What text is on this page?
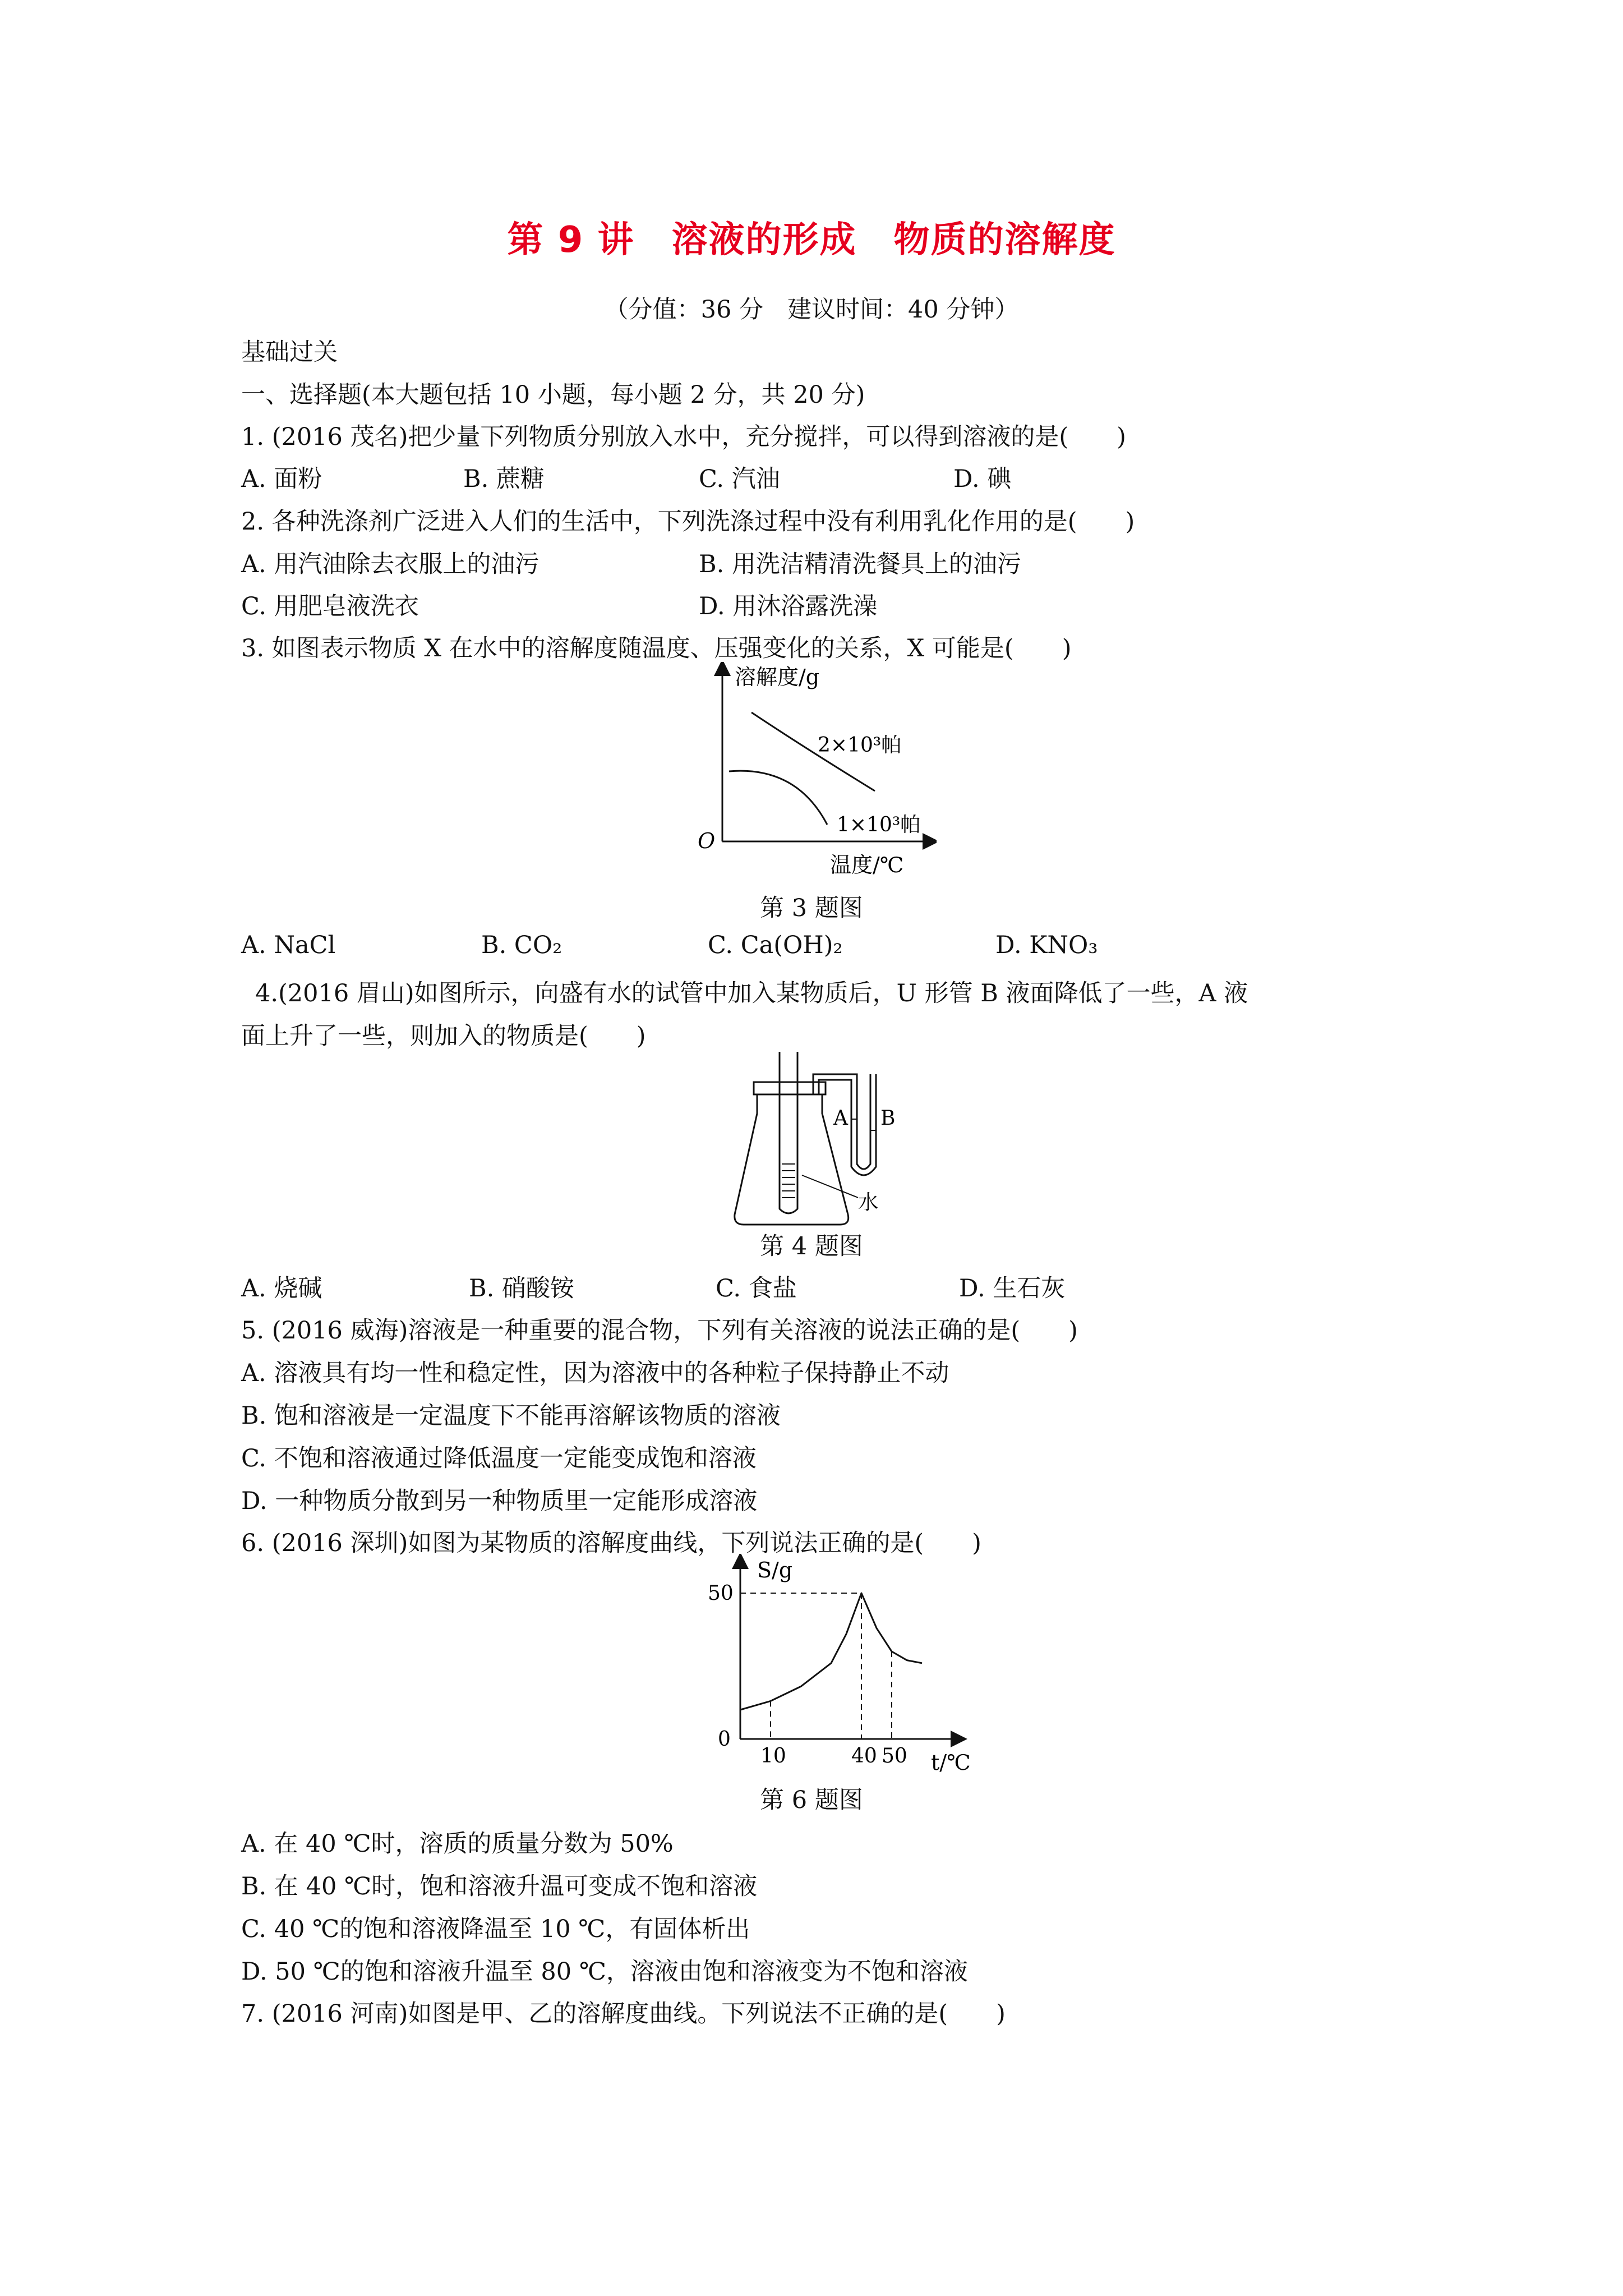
第 9 讲　溶液的形成　物质的溶解度
（分值：36 分　建议时间：40 分钟）
基础过关
一、选择题(本大题包括 10 小题，每小题 2 分，共 20 分)
1. (2016 茂名)把少量下列物质分别放入水中，充分搅拌，可以得到溶液的是(　　)
A. 面粉	B. 蔗糖	C. 汽油	D. 碘
2. 各种洗涤剂广泛进入人们的生活中，下列洗涤过程中没有利用乳化作用的是(　　)
A. 用汽油除去衣服上的油污	B. 用洗洁精清洗餐具上的油污
C. 用肥皂液洗衣	D. 用沐浴露洗澡
3. 如图表示物质 X 在水中的溶解度随温度、压强变化的关系，X 可能是(　　)
溶解度/g
O
温度/℃
2×10³帕
1×10³帕
第 3 题图
A. NaCl	B. CO₂	C. Ca(OH)₂	D. KNO₃
4.(2016 眉山)如图所示，向盛有水的试管中加入某物质后，U 形管 B 液面降低了一些，A 液
面上升了一些，则加入的物质是(　　)
A B
水
第 4 题图
A. 烧碱	B. 硝酸铵	C. 食盐	D. 生石灰
5. (2016 威海)溶液是一种重要的混合物，下列有关溶液的说法正确的是(　　)
A. 溶液具有均一性和稳定性，因为溶液中的各种粒子保持静止不动
B. 饱和溶液是一定温度下不能再溶解该物质的溶液
C. 不饱和溶液通过降低温度一定能变成饱和溶液
D. 一种物质分散到另一种物质里一定能形成溶液
6. (2016 深圳)如图为某物质的溶解度曲线，下列说法正确的是(　　)
S/g
t/℃
10	40 50
0
50
第 6 题图
A. 在 40 ℃时，溶质的质量分数为 50%
B. 在 40 ℃时，饱和溶液升温可变成不饱和溶液
C. 40 ℃的饱和溶液降温至 10 ℃，有固体析出
D. 50 ℃的饱和溶液升温至 80 ℃，溶液由饱和溶液变为不饱和溶液
7. (2016 河南)如图是甲、乙的溶解度曲线。下列说法不正确的是(　　)
